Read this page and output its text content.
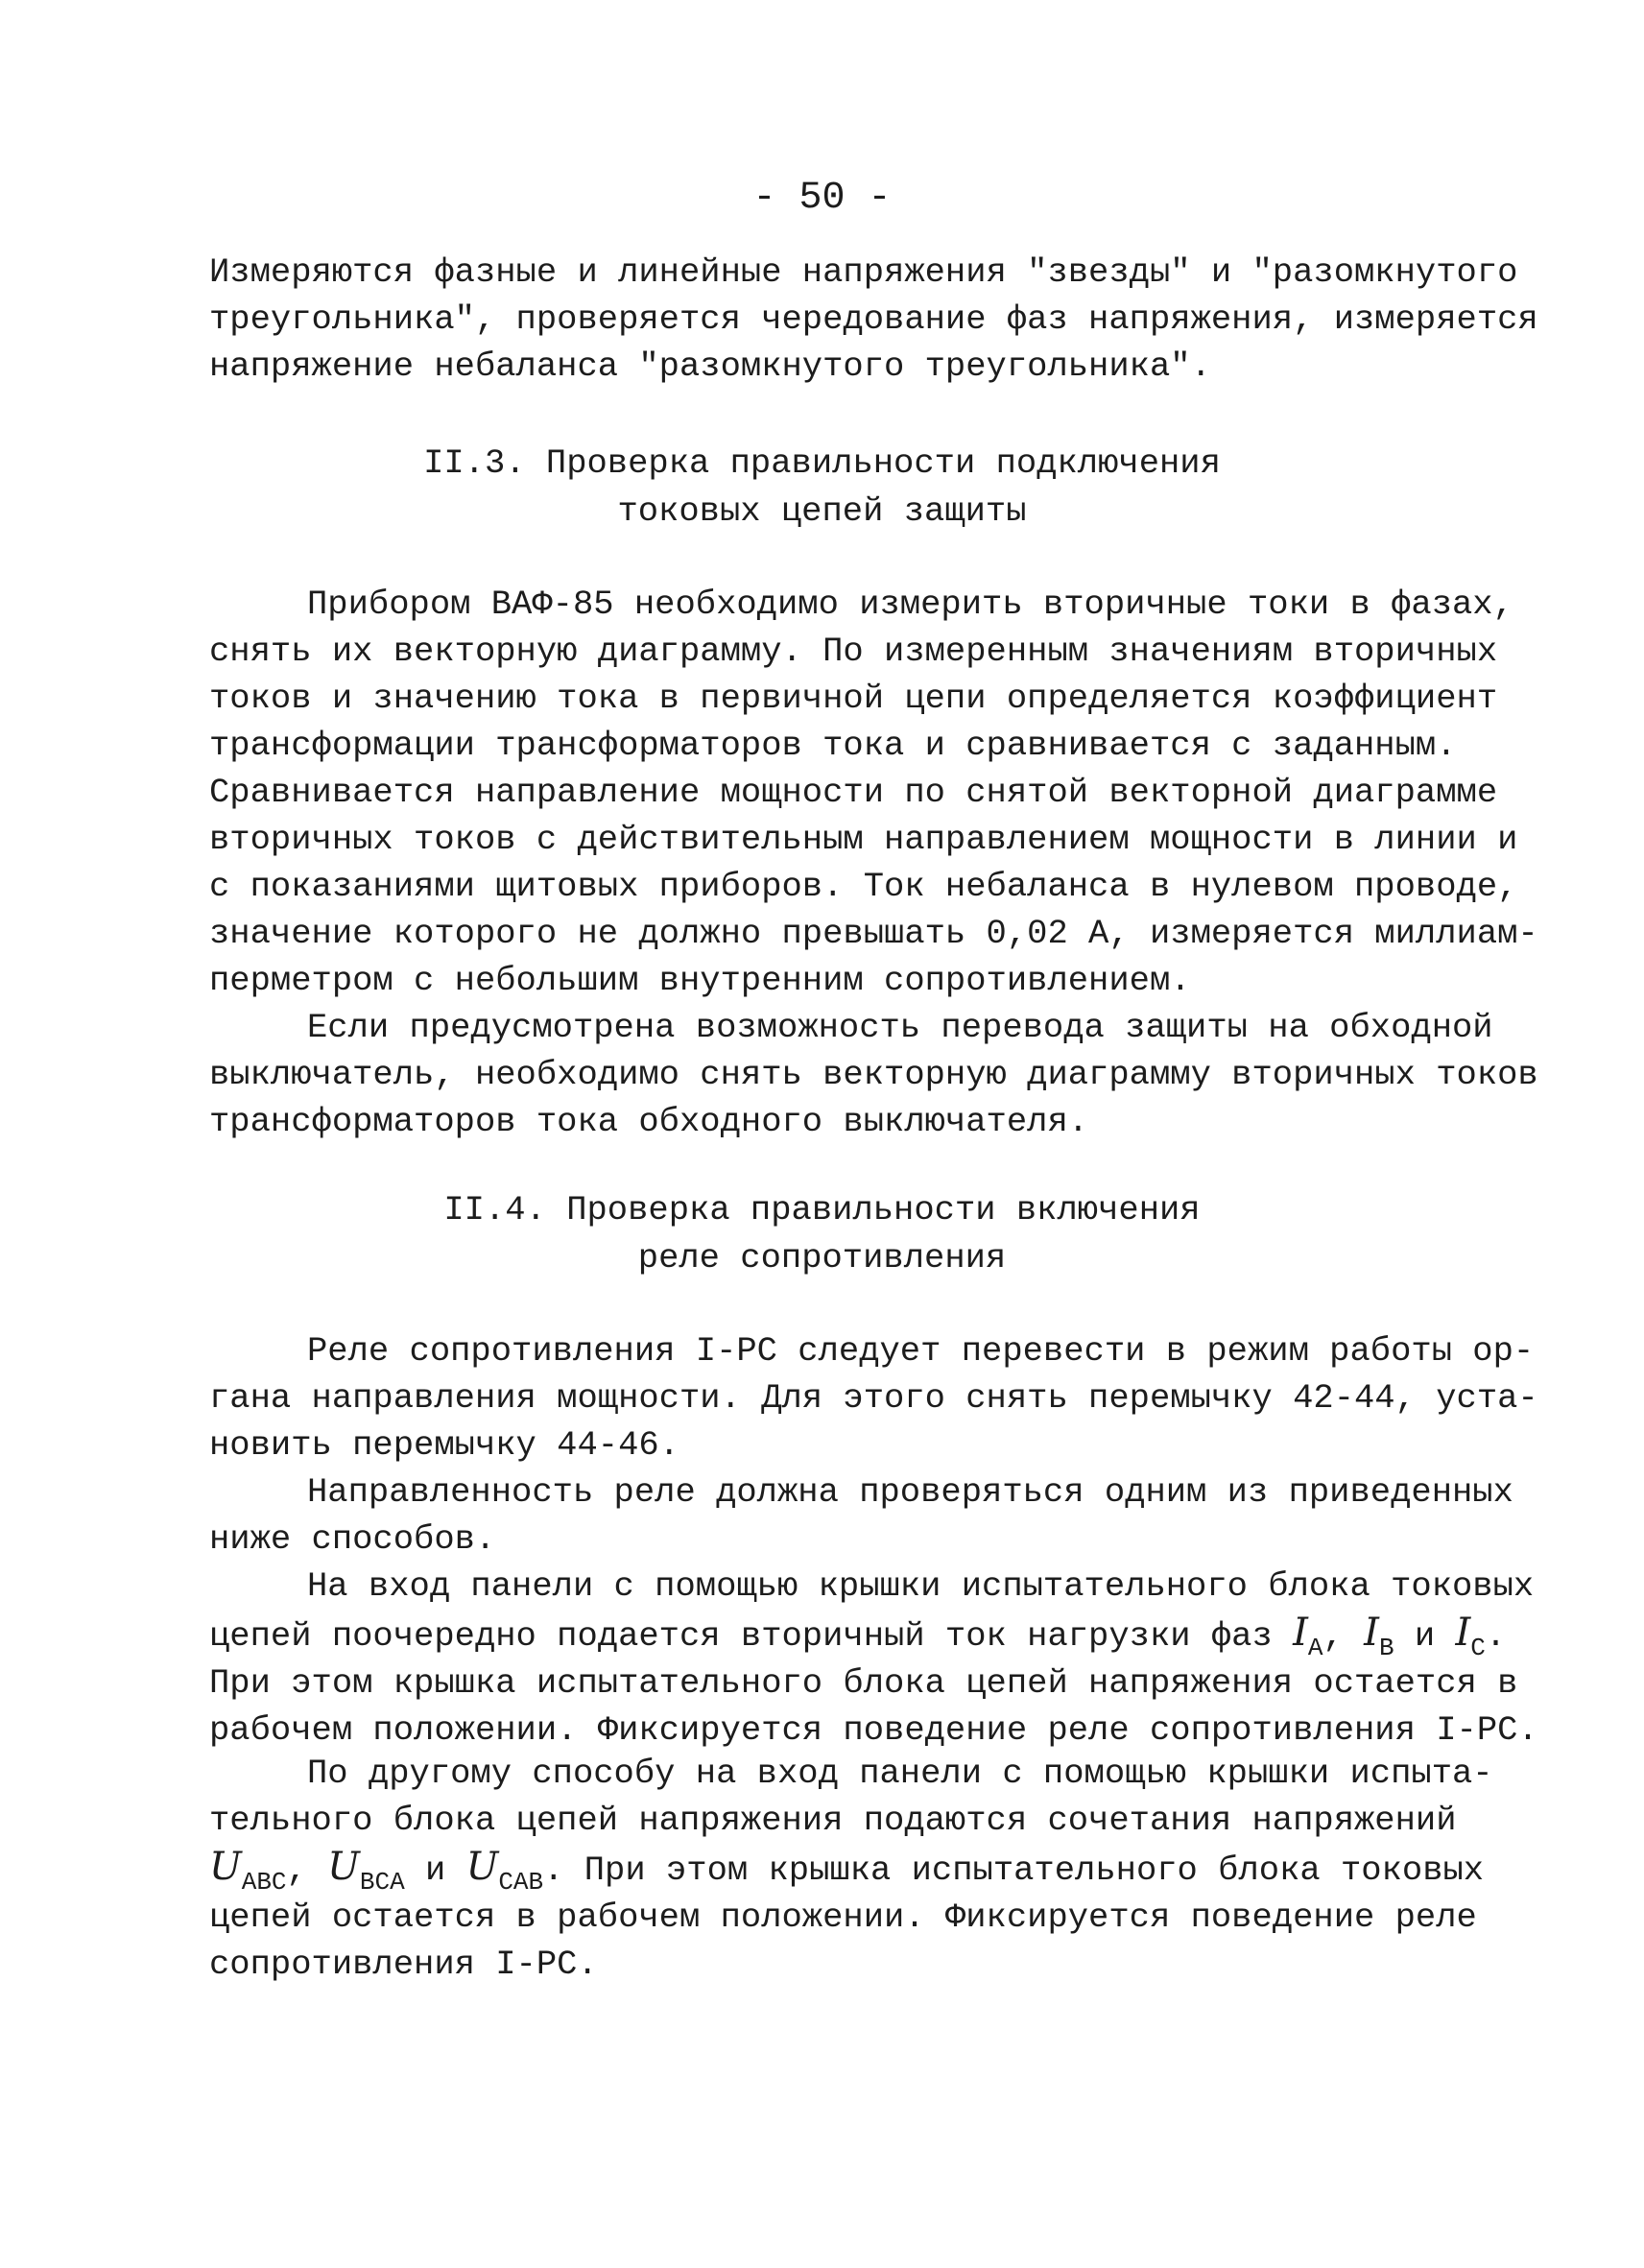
- 50 -
Измеряются фазные и линейные напряжения "звезды" и "разомкнутого
треугольника", проверяется чередование фаз напряжения, измеряется
напряжение небаланса "разомкнутого треугольника".
II.3. Проверка правильности подключения
токовых цепей защиты
Прибором ВАФ-85 необходимо измерить вторичные токи в фазах,
снять их векторную диаграмму. По измеренным значениям вторичных
токов и значению тока в первичной цепи определяется коэффициент
трансформации трансформаторов тока и сравнивается с заданным.
Сравнивается направление мощности по снятой векторной диаграмме
вторичных токов с действительным направлением мощности в линии и
с показаниями щитовых приборов. Ток небаланса в нулевом проводе,
значение которого не должно превышать 0,02 А, измеряется миллиам-
перметром с небольшим внутренним сопротивлением.
Если предусмотрена возможность перевода защиты на обходной
выключатель, необходимо снять векторную диаграмму вторичных токов
трансформаторов тока обходного выключателя.
II.4. Проверка правильности включения
реле сопротивления
Реле сопротивления I-РС следует перевести в режим работы ор-
гана направления мощности. Для этого снять перемычку 42-44, уста-
новить перемычку 44-46.
Направленность реле должна проверяться одним из приведенных
ниже способов.
На вход панели с помощью крышки испытательного блока токовых
цепей поочередно подается вторичный ток нагрузки фаз $I_A$, $I_B$ и $I_C$.
При этом крышка испытательного блока цепей напряжения остается в
рабочем положении. Фиксируется поведение реле сопротивления I-РС.
По другому способу на вход панели с помощью крышки испыта-
тельного блока цепей напряжения подаются сочетания напряжений
$U_{ABC}$, $U_{BCA}$ и $U_{CAB}$. При этом крышка испытательного блока токовых
цепей остается в рабочем положении. Фиксируется поведение реле
сопротивления I-РС.
